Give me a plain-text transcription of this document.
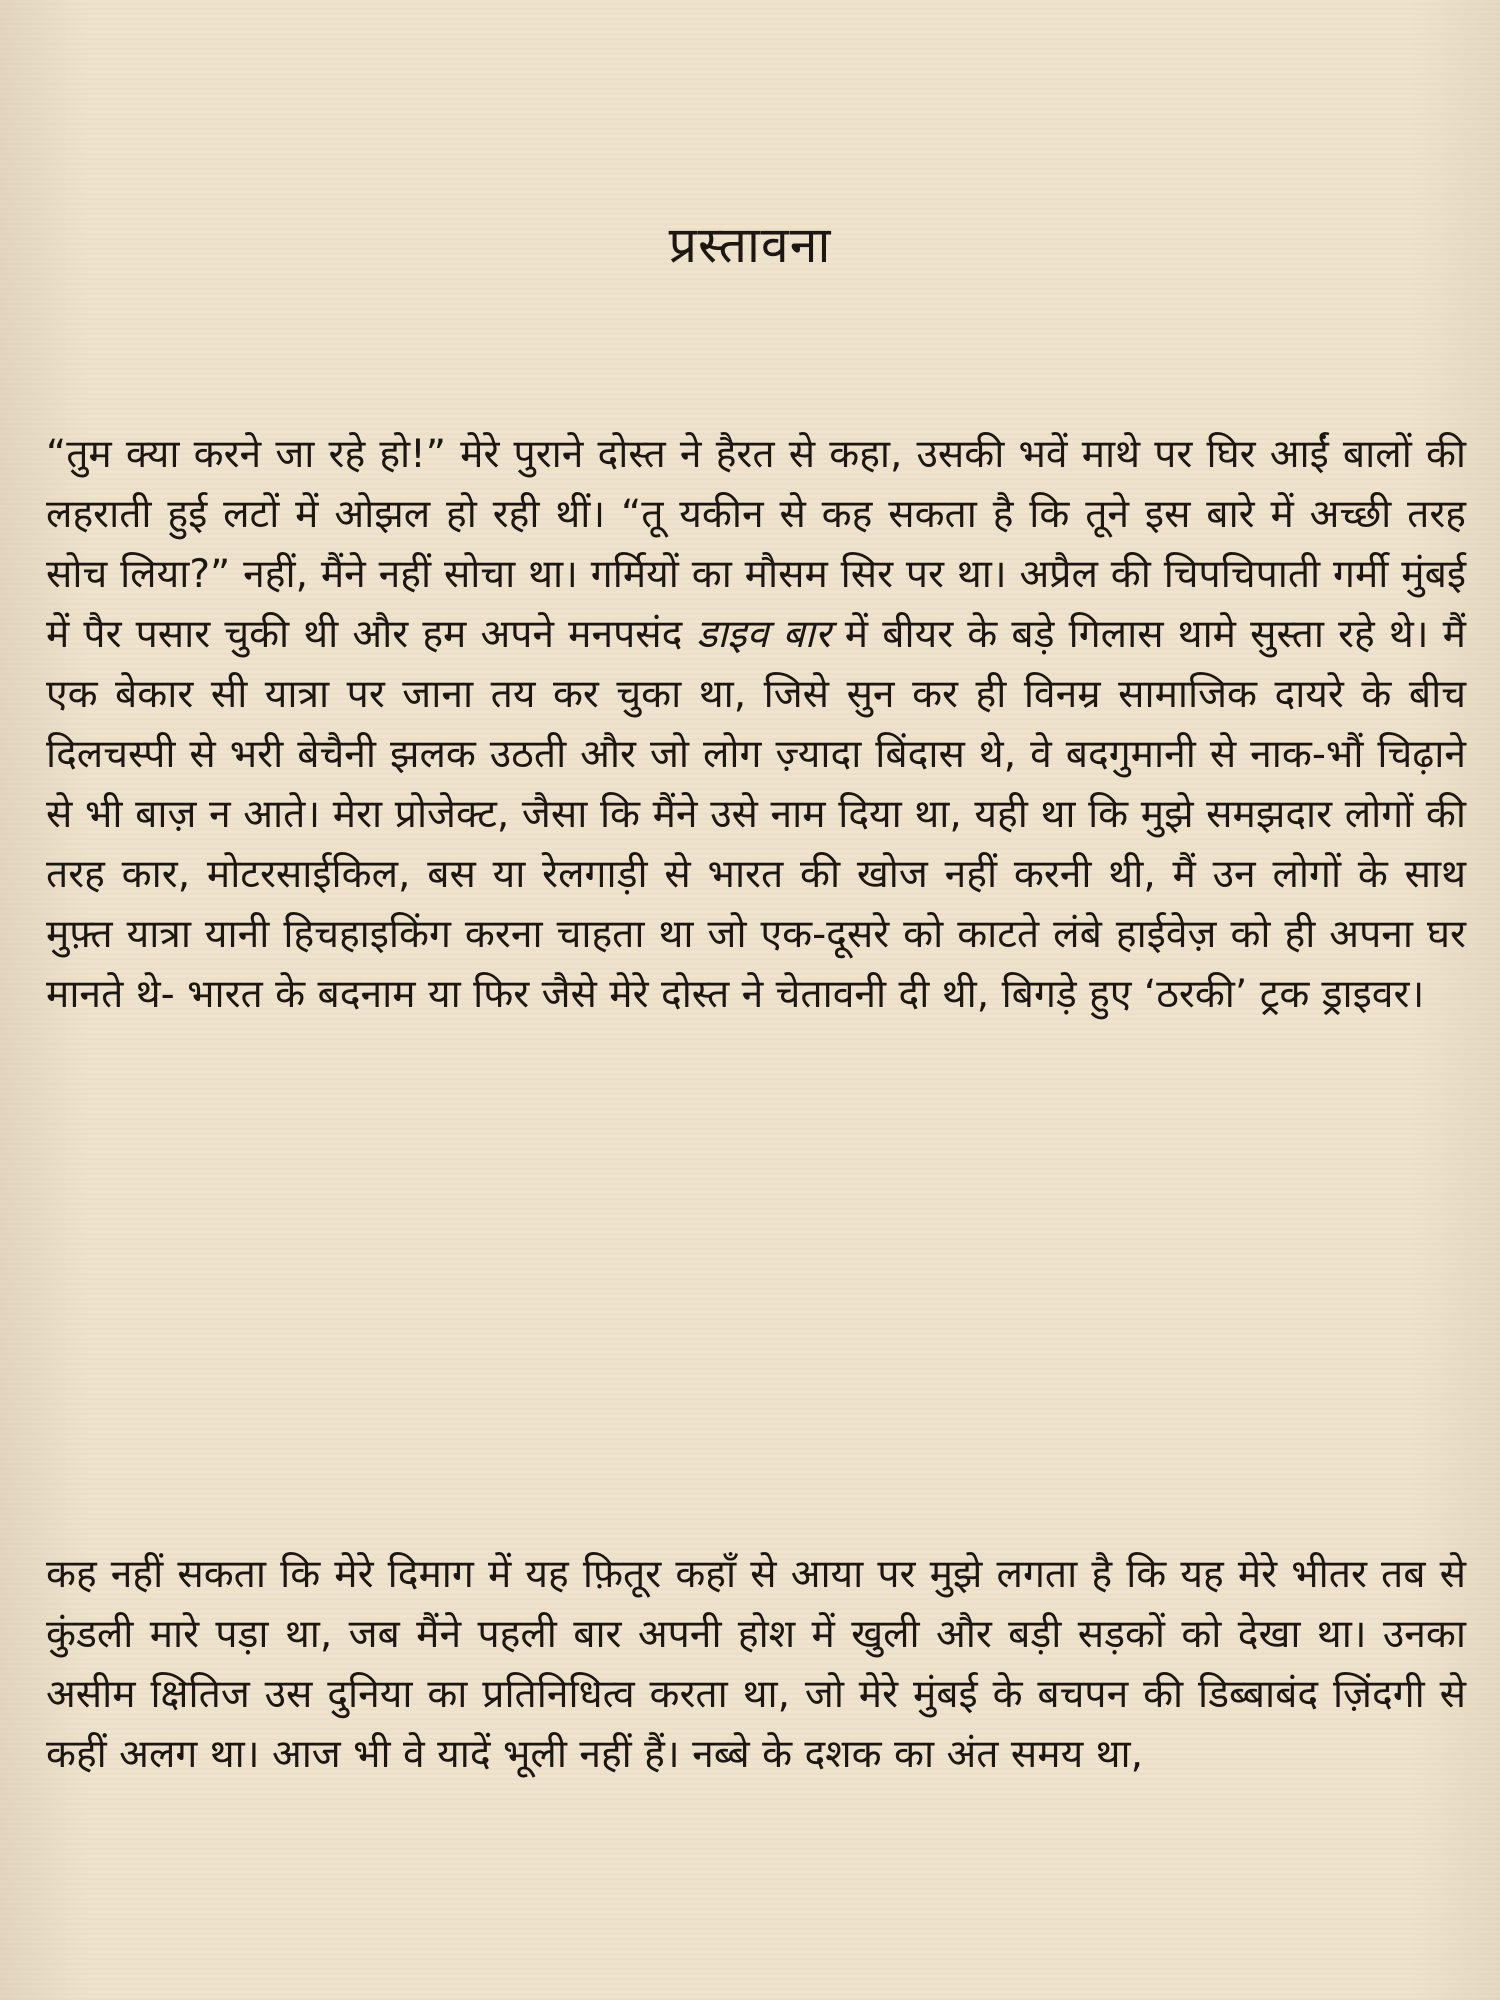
प्रस्तावना

“तुम क्या करने जा रहे हो!” मेरे पुराने दोस्त ने हैरत से कहा, उसकी भवें माथे पर घिर आईं बालों की लहराती हुई लटों में ओझल हो रही थीं। “तू यकीन से कह सकता है कि तूने इस बारे में अच्छी तरह सोच लिया?” नहीं, मैंने नहीं सोचा था। गर्मियों का मौसम सिर पर था। अप्रैल की चिपचिपाती गर्मी मुंबई में पैर पसार चुकी थी और हम अपने मनपसंद डाइव बार में बीयर के बड़े गिलास थामे सुस्ता रहे थे। मैं एक बेकार सी यात्रा पर जाना तय कर चुका था, जिसे सुन कर ही विनम्र सामाजिक दायरे के बीच दिलचस्पी से भरी बेचैनी झलक उठती और जो लोग ज़्यादा बिंदास थे, वे बदगुमानी से नाक-भौं चिढ़ाने से भी बाज़ न आते। मेरा प्रोजेक्ट, जैसा कि मैंने उसे नाम दिया था, यही था कि मुझे समझदार लोगों की तरह कार, मोटरसाईकिल, बस या रेलगाड़ी से भारत की खोज नहीं करनी थी, मैं उन लोगों के साथ मुफ़्त यात्रा यानी हिचहाइकिंग करना चाहता था जो एक-दूसरे को काटते लंबे हाईवेज़ को ही अपना घर मानते थे- भारत के बदनाम या फिर जैसे मेरे दोस्त ने चेतावनी दी थी, बिगड़े हुए ‘ठरकी’ ट्रक ड्राइवर।

कह नहीं सकता कि मेरे दिमाग में यह फ़ितूर कहाँ से आया पर मुझे लगता है कि यह मेरे भीतर तब से कुंडली मारे पड़ा था, जब मैंने पहली बार अपनी होश में खुली और बड़ी सड़कों को देखा था। उनका असीम क्षितिज उस दुनिया का प्रतिनिधित्व करता था, जो मेरे मुंबई के बचपन की डिब्बाबंद ज़िंदगी से कहीं अलग था। आज भी वे यादें भूली नहीं हैं। नब्बे के दशक का अंत समय था,
